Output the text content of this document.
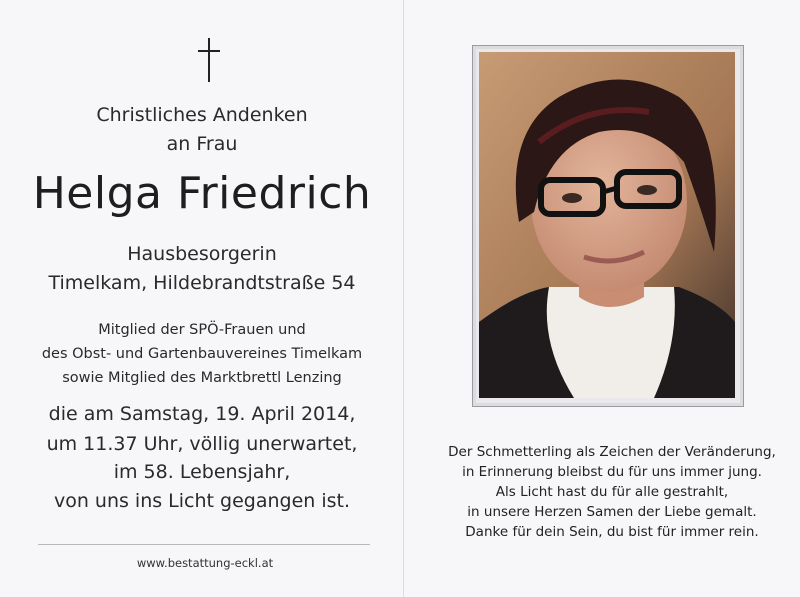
Christliches Andenken
an Frau
Helga Friedrich
Hausbesorgerin
Timelkam, Hildebrandtstraße 54
Mitglied der SPÖ-Frauen und
des Obst- und Gartenbauvereines Timelkam
sowie Mitglied des Marktbrettl Lenzing
die am Samstag, 19. April 2014,
um 11.37 Uhr, völlig unerwartet,
im 58. Lebensjahr,
von uns ins Licht gegangen ist.
www.bestattung-eckl.at
Der Schmetterling als Zeichen der Veränderung,
in Erinnerung bleibst du für uns immer jung.
Als Licht hast du für alle gestrahlt,
in unsere Herzen Samen der Liebe gemalt.
Danke für dein Sein, du bist für immer rein.
